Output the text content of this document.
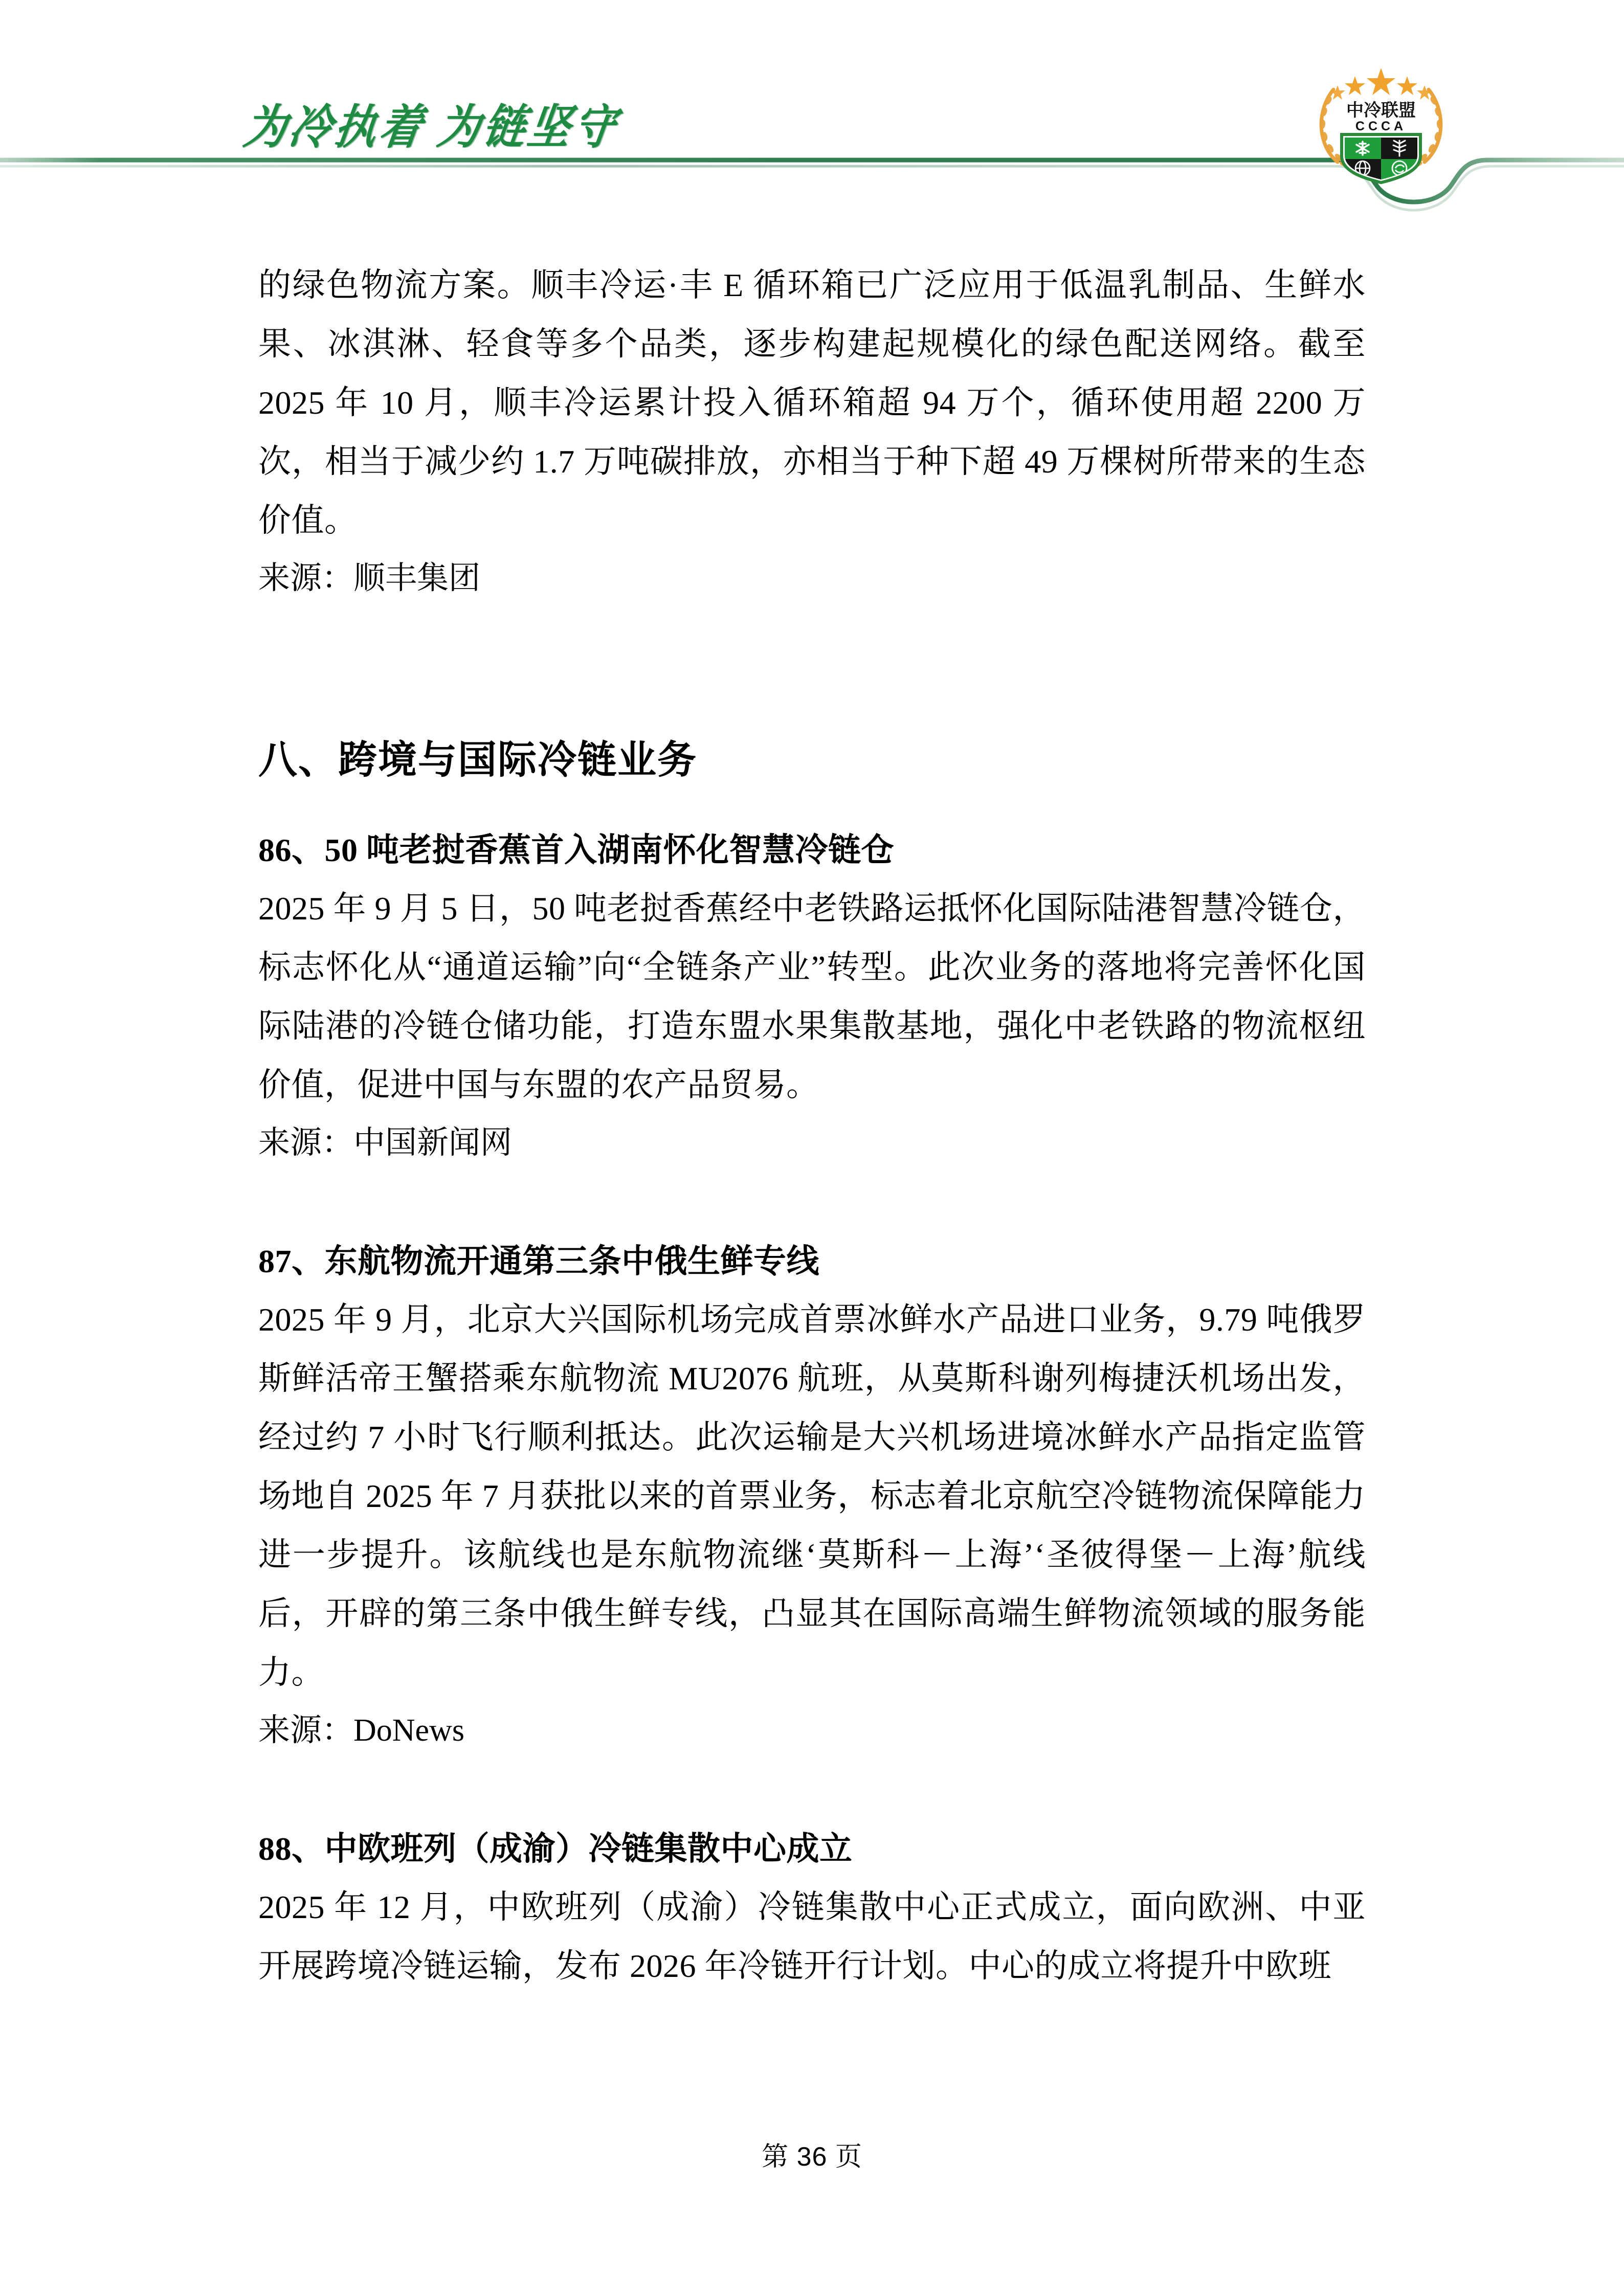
为冷执着 为链坚守	中冷联盟
CCCA

的绿色物流方案。顺丰冷运·丰 E 循环箱已广泛应用于低温乳制品、生鲜水果、冰淇淋、轻食等多个品类，逐步构建起规模化的绿色配送网络。截至 2025 年 10 月，顺丰冷运累计投入循环箱超 94 万个，循环使用超 2200 万次，相当于减少约 1.7 万吨碳排放，亦相当于种下超 49 万棵树所带来的生态价值。

来源：顺丰集团

八、跨境与国际冷链业务
86、50 吨老挝香蕉首入湖南怀化智慧冷链仓

2025 年 9 月 5 日，50 吨老挝香蕉经中老铁路运抵怀化国际陆港智慧冷链仓，标志怀化从“通道运输”向“全链条产业”转型。此次业务的落地将完善怀化国际陆港的冷链仓储功能，打造东盟水果集散基地，强化中老铁路的物流枢纽价值，促进中国与东盟的农产品贸易。

来源：中国新闻网

87、东航物流开通第三条中俄生鲜专线

2025 年 9 月，北京大兴国际机场完成首票冰鲜水产品进口业务，9.79 吨俄罗斯鲜活帝王蟹搭乘东航物流 MU2076 航班，从莫斯科谢列梅捷沃机场出发，经过约 7 小时飞行顺利抵达。此次运输是大兴机场进境冰鲜水产品指定监管场地自 2025 年 7 月获批以来的首票业务，标志着北京航空冷链物流保障能力进一步提升。该航线也是东航物流继‘莫斯科－上海’‘圣彼得堡－上海’航线后，开辟的第三条中俄生鲜专线，凸显其在国际高端生鲜物流领域的服务能力。

来源：DoNews

88、中欧班列（成渝）冷链集散中心成立

2025 年 12 月，中欧班列（成渝）冷链集散中心正式成立，面向欧洲、中亚开展跨境冷链运输，发布 2026 年冷链开行计划。中心的成立将提升中欧班

第 36 页
